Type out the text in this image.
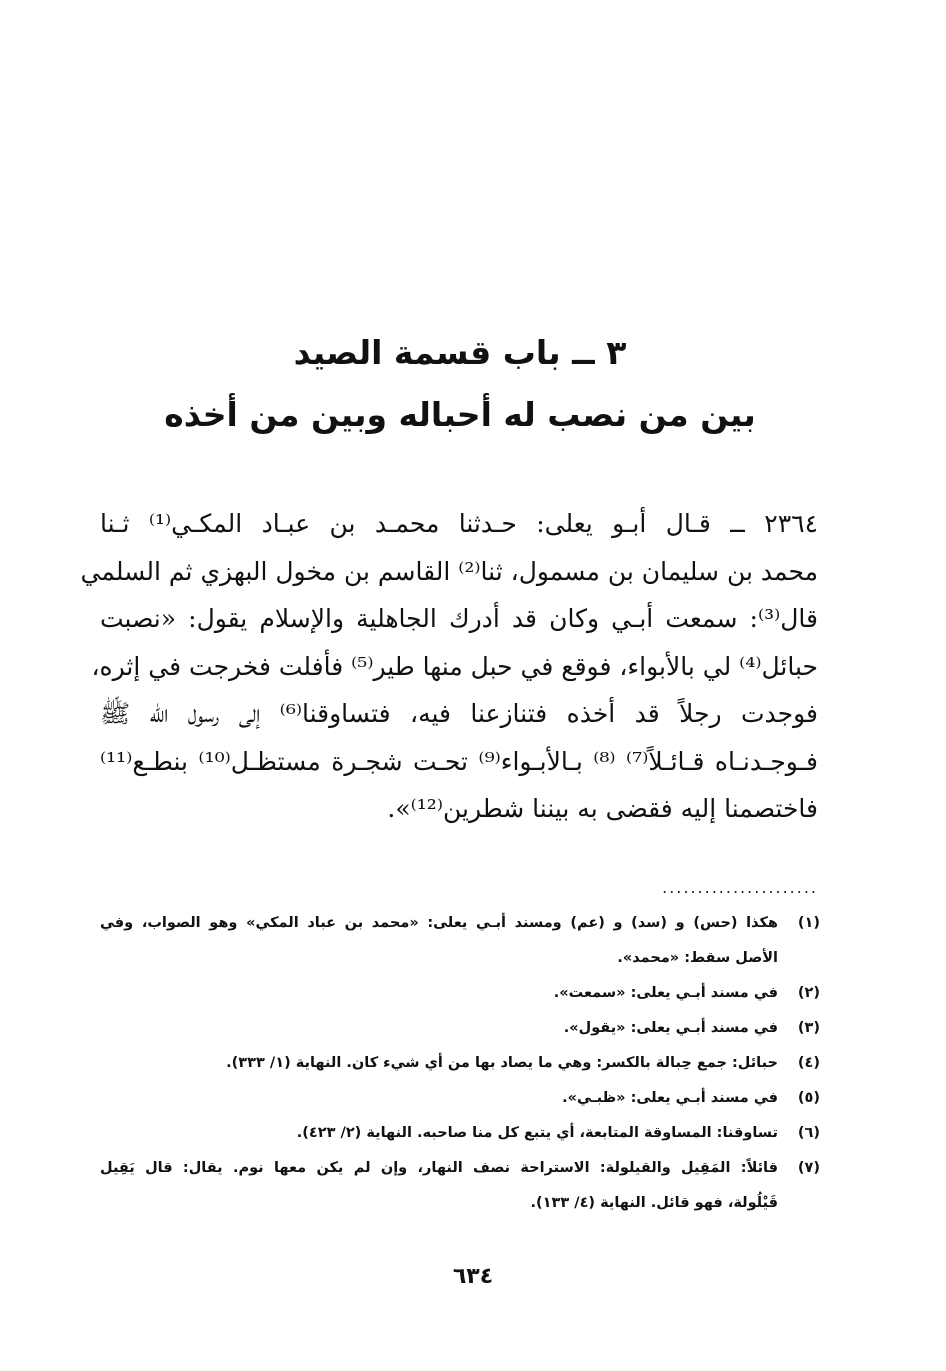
٣ ــ باب قسمة الصيد
بين من نصب له أحباله وبين من أخذه
٢٣٦٤ ــ قـال أبـو يعلى: حـدثنا محمـد بن عبـاد المكـي⁽¹⁾ ثـنا
محمد بن سليمان بن مسمول، ثنا⁽²⁾ القاسم بن مخول البهزي ثم السلمي
قال⁽³⁾: سمعت أبـي وكان قد أدرك الجاهلية والإسلام يقول: «نصبت
حبائل⁽⁴⁾ لي بالأبواء، فوقع في حبل منها طير⁽⁵⁾ فأفلت فخرجت في إثره،
فوجدت رجلاً قد أخذه فتنازعنا فيه، فتساوقنا⁽⁶⁾ إلى رسول الله ﷺ
فـوجـدنـاه قـائـلاً⁽⁷⁾ ⁽⁸⁾ بـالأبـواء⁽⁹⁾ تحـت شجـرة مستظـل⁽¹⁰⁾ بنطـع⁽¹¹⁾
فاختصمنا إليه فقضى به بيننا شطرين⁽¹²⁾».
......................
(١)
هكذا (حس) و (سد) و (عم) ومسند أبـي يعلى: «محمد بن عباد المكي» وهو الصواب، وفي
الأصل سقط: «محمد».
(٢)
في مسند أبـي يعلى: «سمعت».
(٣)
في مسند أبـي يعلى: «يقول».
(٤)
حبائل: جمع حِبالة بالكسر: وهي ما يصاد بها من أي شيء كان. النهاية (١/ ٣٣٣).
(٥)
في مسند أبـي يعلى: «ظبـي».
(٦)
تساوقنا: المساوقة المتابعة، أي يتبع كل منا صاحبه. النهاية (٢/ ٤٢٣).
(٧)
قائلاً: المَقِيل والقيلولة: الاستراحة نصف النهار، وإن لم يكن معها نوم. يقال: قال يَقِيل
قَيْلُولة، فهو قائل. النهاية (٤/ ١٣٣).
٦٣٤
